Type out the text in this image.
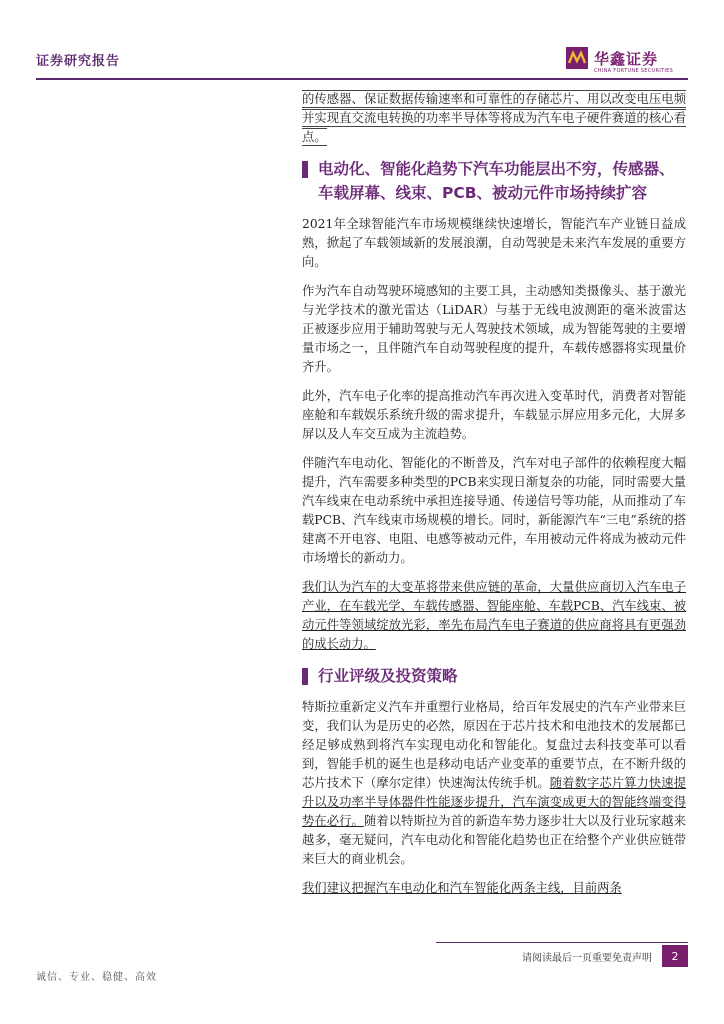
证券研究报告	华鑫证券
CHINA FORTUNE SECURITIES

的传感器、保证数据传输速率和可靠性的存储芯片、用以改变电压电频并实现直交流电转换的功率半导体等将成为汽车电子硬件赛道的核心看点。

电动化、智能化趋势下汽车功能层出不穷，传感器、车载屏幕、线束、PCB、被动元件市场持续扩容

2021年全球智能汽车市场规模继续快速增长，智能汽车产业链日益成熟，掀起了车载领域新的发展浪潮，自动驾驶是未来汽车发展的重要方向。

作为汽车自动驾驶环境感知的主要工具，主动感知类摄像头、基于激光与光学技术的激光雷达（LiDAR）与基于无线电波测距的毫米波雷达正被逐步应用于辅助驾驶与无人驾驶技术领域，成为智能驾驶的主要增量市场之一，且伴随汽车自动驾驶程度的提升，车载传感器将实现量价齐升。

此外，汽车电子化率的提高推动汽车再次进入变革时代，消费者对智能座舱和车载娱乐系统升级的需求提升，车载显示屏应用多元化，大屏多屏以及人车交互成为主流趋势。

伴随汽车电动化、智能化的不断普及，汽车对电子部件的依赖程度大幅提升，汽车需要多种类型的PCB来实现日渐复杂的功能，同时需要大量汽车线束在电动系统中承担连接导通、传递信号等功能，从而推动了车载PCB、汽车线束市场规模的增长。同时，新能源汽车“三电”系统的搭建离不开电容、电阻、电感等被动元件，车用被动元件将成为被动元件市场增长的新动力。

我们认为汽车的大变革将带来供应链的革命，大量供应商切入汽车电子产业，在车载光学、车载传感器、智能座舱、车载PCB、汽车线束、被动元件等领域绽放光彩，率先布局汽车电子赛道的供应商将具有更强劲的成长动力。

行业评级及投资策略

特斯拉重新定义汽车并重塑行业格局，给百年发展史的汽车产业带来巨变，我们认为是历史的必然，原因在于芯片技术和电池技术的发展都已经足够成熟到将汽车实现电动化和智能化。复盘过去科技变革可以看到，智能手机的诞生也是移动电话产业变革的重要节点，在不断升级的芯片技术下（摩尔定律）快速淘汰传统手机。随着数字芯片算力快速提升以及功率半导体器件性能逐步提升，汽车演变成更大的智能终端变得势在必行。随着以特斯拉为首的新造车势力逐步壮大以及行业玩家越来越多，毫无疑问，汽车电动化和智能化趋势也正在给整个产业供应链带来巨大的商业机会。

我们建议把握汽车电动化和汽车智能化两条主线，目前两条

请阅读最后一页重要免责声明	2
诚信、专业、稳健、高效
